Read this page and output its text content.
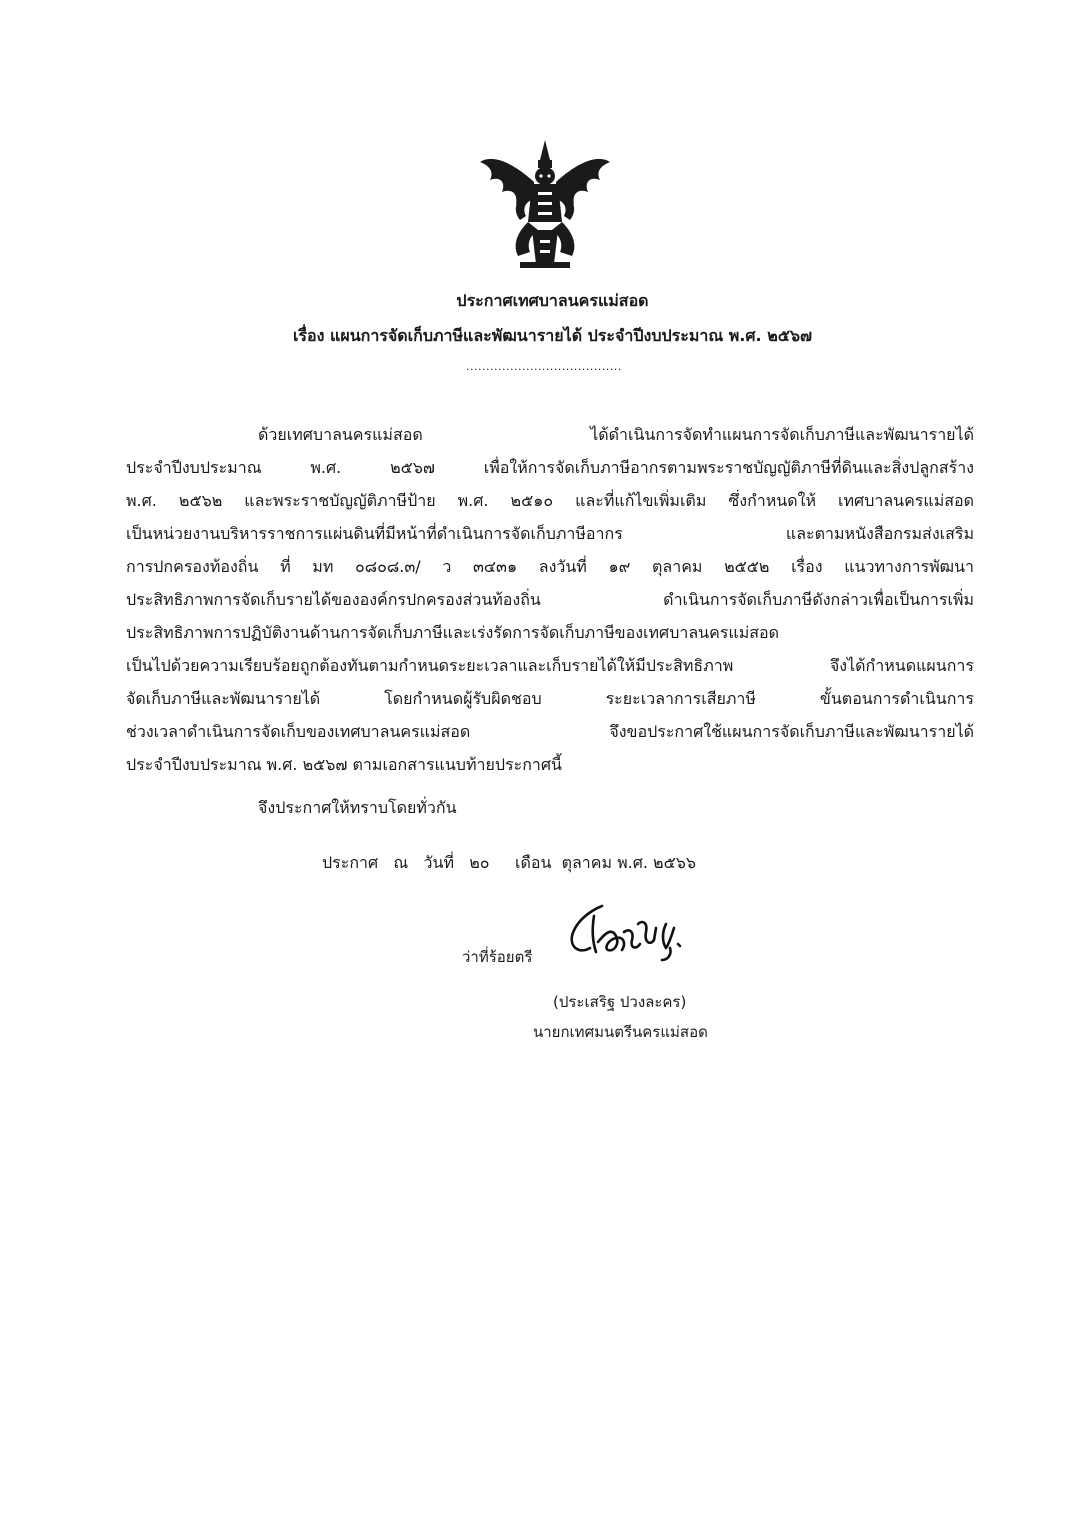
ประกาศเทศบาลนครแม่สอด
เรื่อง แผนการจัดเก็บภาษีและพัฒนารายได้ ประจำปีงบประมาณ พ.ศ. ๒๕๖๗
.......................................
ด้วยเทศบาลนครแม่สอด ได้ดำเนินการจัดทำแผนการจัดเก็บภาษีและพัฒนารายได้
ประจำปีงบประมาณ พ.ศ. ๒๕๖๗ เพื่อให้การจัดเก็บภาษีอากรตามพระราชบัญญัติภาษีที่ดินและสิ่งปลูกสร้าง
พ.ศ. ๒๕๖๒ และพระราชบัญญัติภาษีป้าย พ.ศ. ๒๕๑๐ และที่แก้ไขเพิ่มเติม ซึ่งกำหนดให้ เทศบาลนครแม่สอด
เป็นหน่วยงานบริหารราชการแผ่นดินที่มีหน้าที่ดำเนินการจัดเก็บภาษีอากร และตามหนังสือกรมส่งเสริม
การปกครองท้องถิ่น ที่ มท ๐๘๐๘.๓/ ว ๓๔๓๑ ลงวันที่ ๑๙ ตุลาคม ๒๕๕๒ เรื่อง แนวทางการพัฒนา
ประสิทธิภาพการจัดเก็บรายได้ขององค์กรปกครองส่วนท้องถิ่น ดำเนินการจัดเก็บภาษีดังกล่าวเพื่อเป็นการเพิ่ม
ประสิทธิภาพการปฏิบัติงานด้านการจัดเก็บภาษีและเร่งรัดการจัดเก็บภาษีของเทศบาลนครแม่สอด
เป็นไปด้วยความเรียบร้อยถูกต้องทันตามกำหนดระยะเวลาและเก็บรายได้ให้มีประสิทธิภาพ จึงได้กำหนดแผนการ
จัดเก็บภาษีและพัฒนารายได้ โดยกำหนดผู้รับผิดชอบ ระยะเวลาการเสียภาษี ขั้นตอนการดำเนินการ
ช่วงเวลาดำเนินการจัดเก็บของเทศบาลนครแม่สอด จึงขอประกาศใช้แผนการจัดเก็บภาษีและพัฒนารายได้
ประจำปีงบประมาณ พ.ศ. ๒๕๖๗ ตามเอกสารแนบท้ายประกาศนี้
จึงประกาศให้ทราบโดยทั่วกัน
ประกาศ   ณ   วันที่   ๒๐     เดือน  ตุลาคม พ.ศ. ๒๕๖๖
ว่าที่ร้อยตรี
(ประเสริฐ ปวงละคร)
นายกเทศมนตรีนครแม่สอด
